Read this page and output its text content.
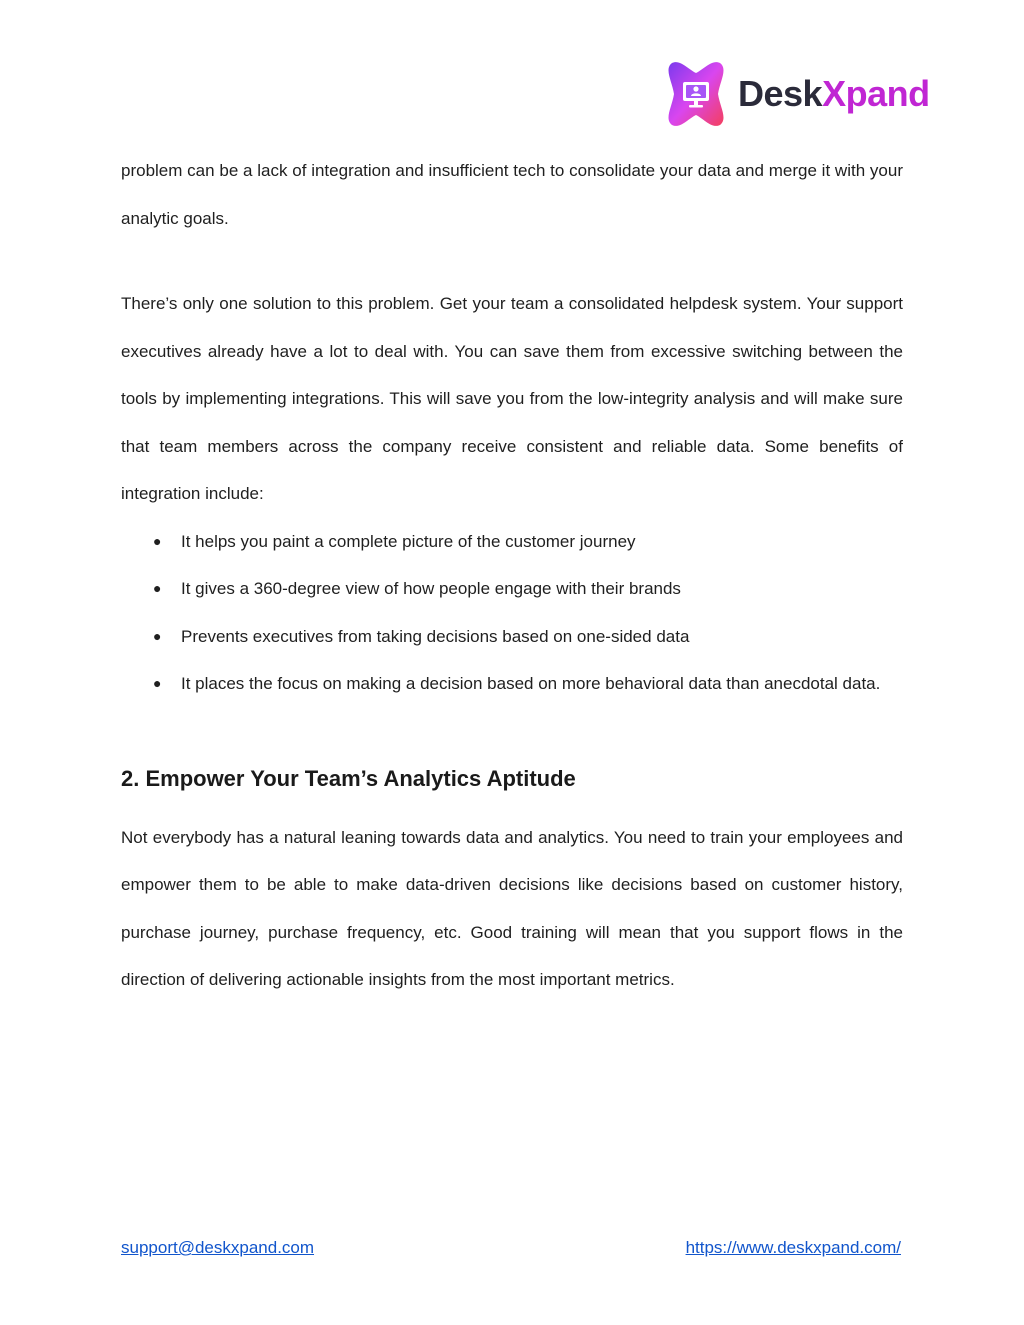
DeskXpand

problem can be a lack of integration and insufficient tech to consolidate your data and merge it with your analytic goals.

There’s only one solution to this problem. Get your team a consolidated helpdesk system. Your support executives already have a lot to deal with. You can save them from excessive switching between the tools by implementing integrations. This will save you from the low-integrity analysis and will make sure that team members across the company receive consistent and reliable data. Some benefits of integration include:

● It helps you paint a complete picture of the customer journey
● It gives a 360-degree view of how people engage with their brands
● Prevents executives from taking decisions based on one-sided data
● It places the focus on making a decision based on more behavioral data than anecdotal data.
2. Empower Your Team’s Analytics Aptitude

Not everybody has a natural leaning towards data and analytics. You need to train your employees and empower them to be able to make data-driven decisions like decisions based on customer history, purchase journey, purchase frequency, etc. Good training will mean that you support flows in the direction of delivering actionable insights from the most important metrics.

support@deskxpand.com	https://www.deskxpand.com/
